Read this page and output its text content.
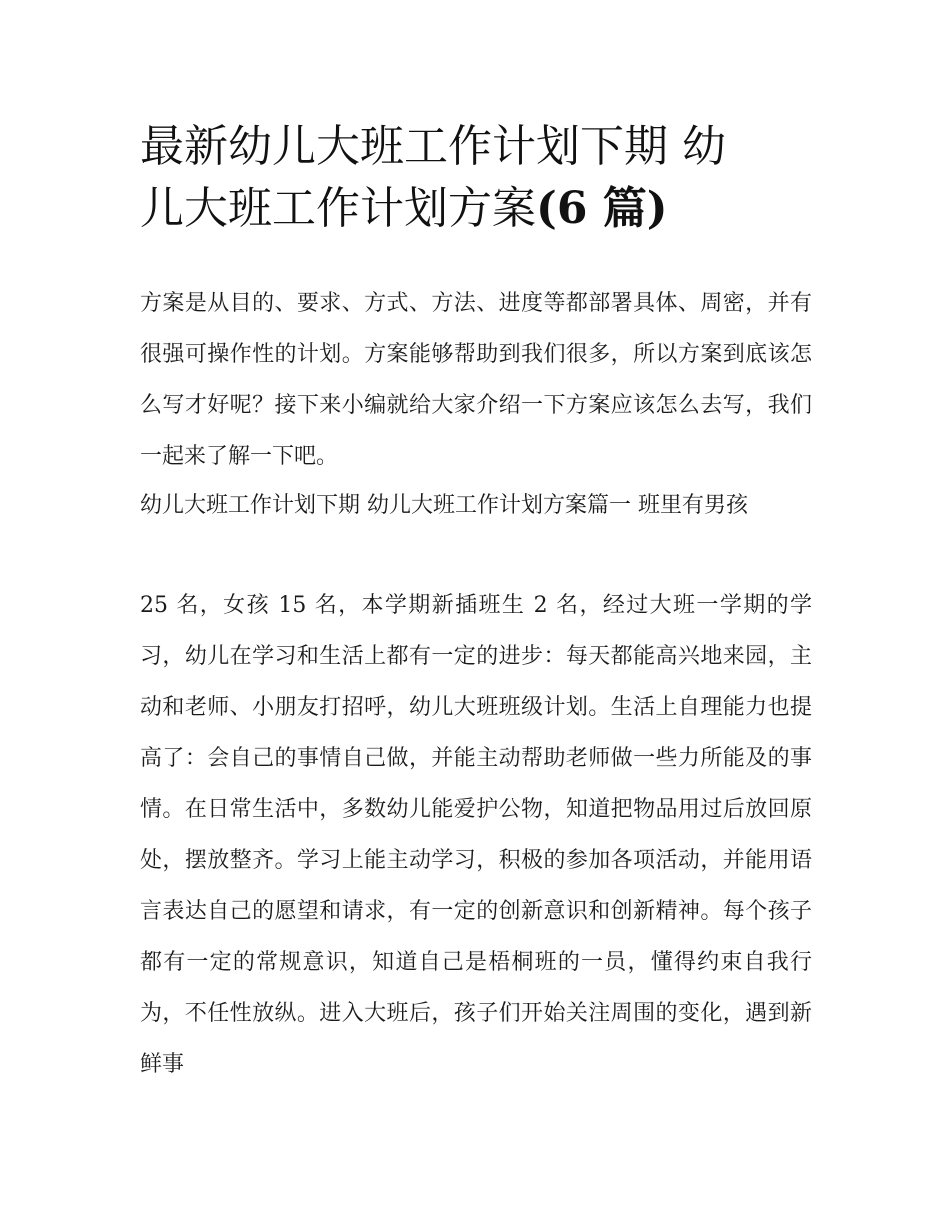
最新幼儿大班工作计划下期 幼
儿大班工作计划方案(6 篇)

方案是从目的、要求、方式、方法、进度等都部署具体、周密，并有很强可操作性的计划。方案能够帮助到我们很多，所以方案到底该怎么写才好呢？接下来小编就给大家介绍一下方案应该怎么去写，我们一起来了解一下吧。

幼儿大班工作计划下期 幼儿大班工作计划方案篇一 班里有男孩

25 名，女孩 15 名，本学期新插班生 2 名，经过大班一学期的学习，幼儿在学习和生活上都有一定的进步：每天都能高兴地来园，主动和老师、小朋友打招呼，幼儿大班班级计划。生活上自理能力也提高了：会自己的事情自己做，并能主动帮助老师做一些力所能及的事情。在日常生活中，多数幼儿能爱护公物，知道把物品用过后放回原处，摆放整齐。学习上能主动学习，积极的参加各项活动，并能用语言表达自己的愿望和请求，有一定的创新意识和创新精神。每个孩子都有一定的常规意识，知道自己是梧桐班的一员，懂得约束自我行为，不任性放纵。进入大班后，孩子们开始关注周围的变化，遇到新鲜事
